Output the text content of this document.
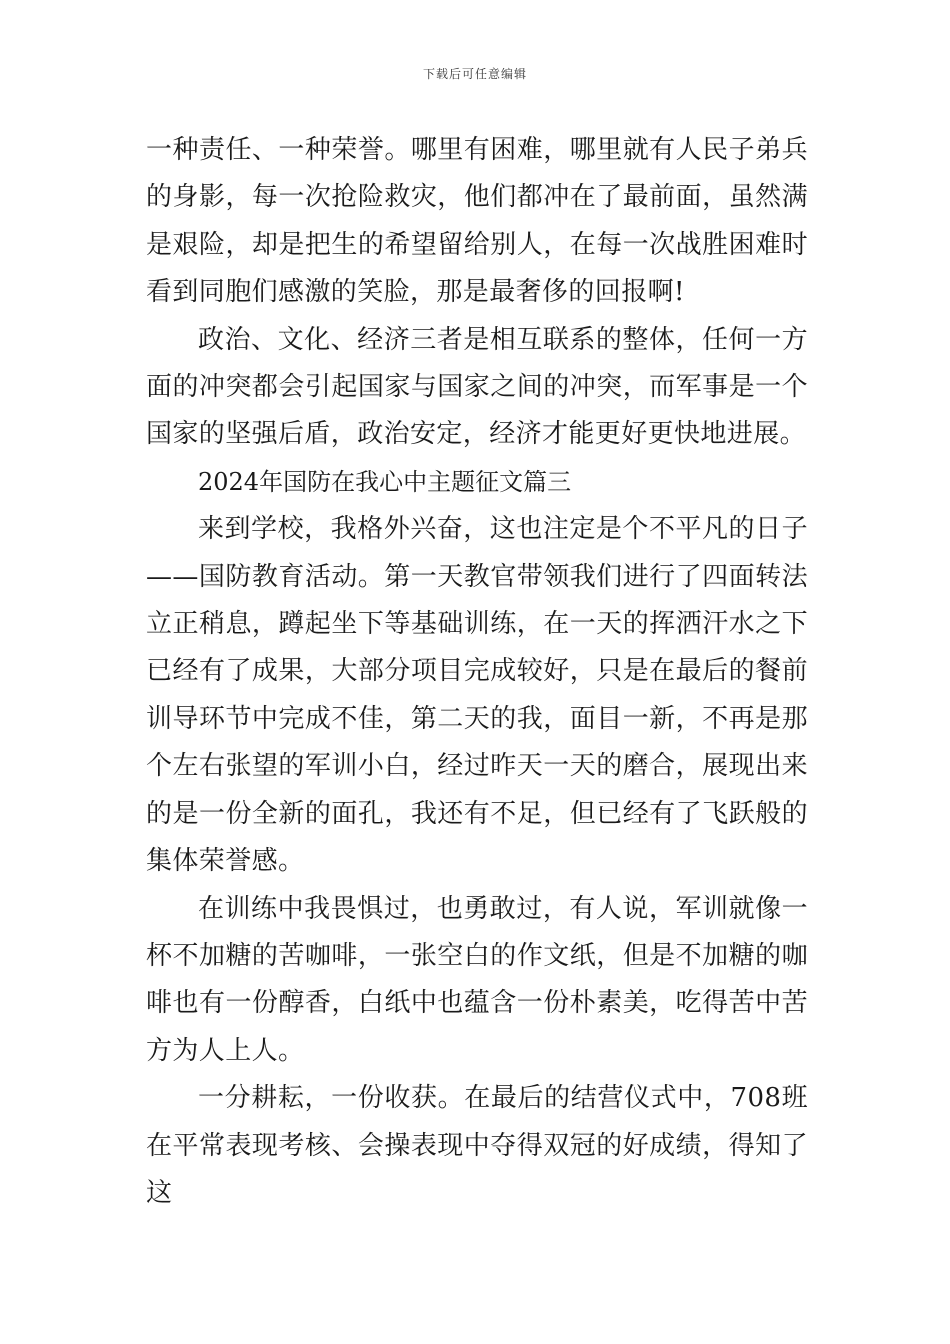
下载后可任意编辑

一种责任、一种荣誉。哪里有困难，哪里就有人民子弟兵的身影，每一次抢险救灾，他们都冲在了最前面，虽然满是艰险，却是把生的希望留给别人，在每一次战胜困难时看到同胞们感激的笑脸，那是最奢侈的回报啊!

政治、文化、经济三者是相互联系的整体，任何一方面的冲突都会引起国家与国家之间的冲突，而军事是一个国家的坚强后盾，政治安定，经济才能更好更快地进展。

2024年国防在我心中主题征文篇三

来到学校，我格外兴奋，这也注定是个不平凡的日子——国防教育活动。第一天教官带领我们进行了四面转法立正稍息，蹲起坐下等基础训练，在一天的挥洒汗水之下已经有了成果，大部分项目完成较好，只是在最后的餐前训导环节中完成不佳，第二天的我，面目一新，不再是那个左右张望的军训小白，经过昨天一天的磨合，展现出来的是一份全新的面孔，我还有不足，但已经有了飞跃般的集体荣誉感。

在训练中我畏惧过，也勇敢过，有人说，军训就像一杯不加糖的苦咖啡，一张空白的作文纸，但是不加糖的咖啡也有一份醇香，白纸中也蕴含一份朴素美，吃得苦中苦方为人上人。

一分耕耘，一份收获。在最后的结营仪式中，708班在平常表现考核、会操表现中夺得双冠的好成绩，得知了这
